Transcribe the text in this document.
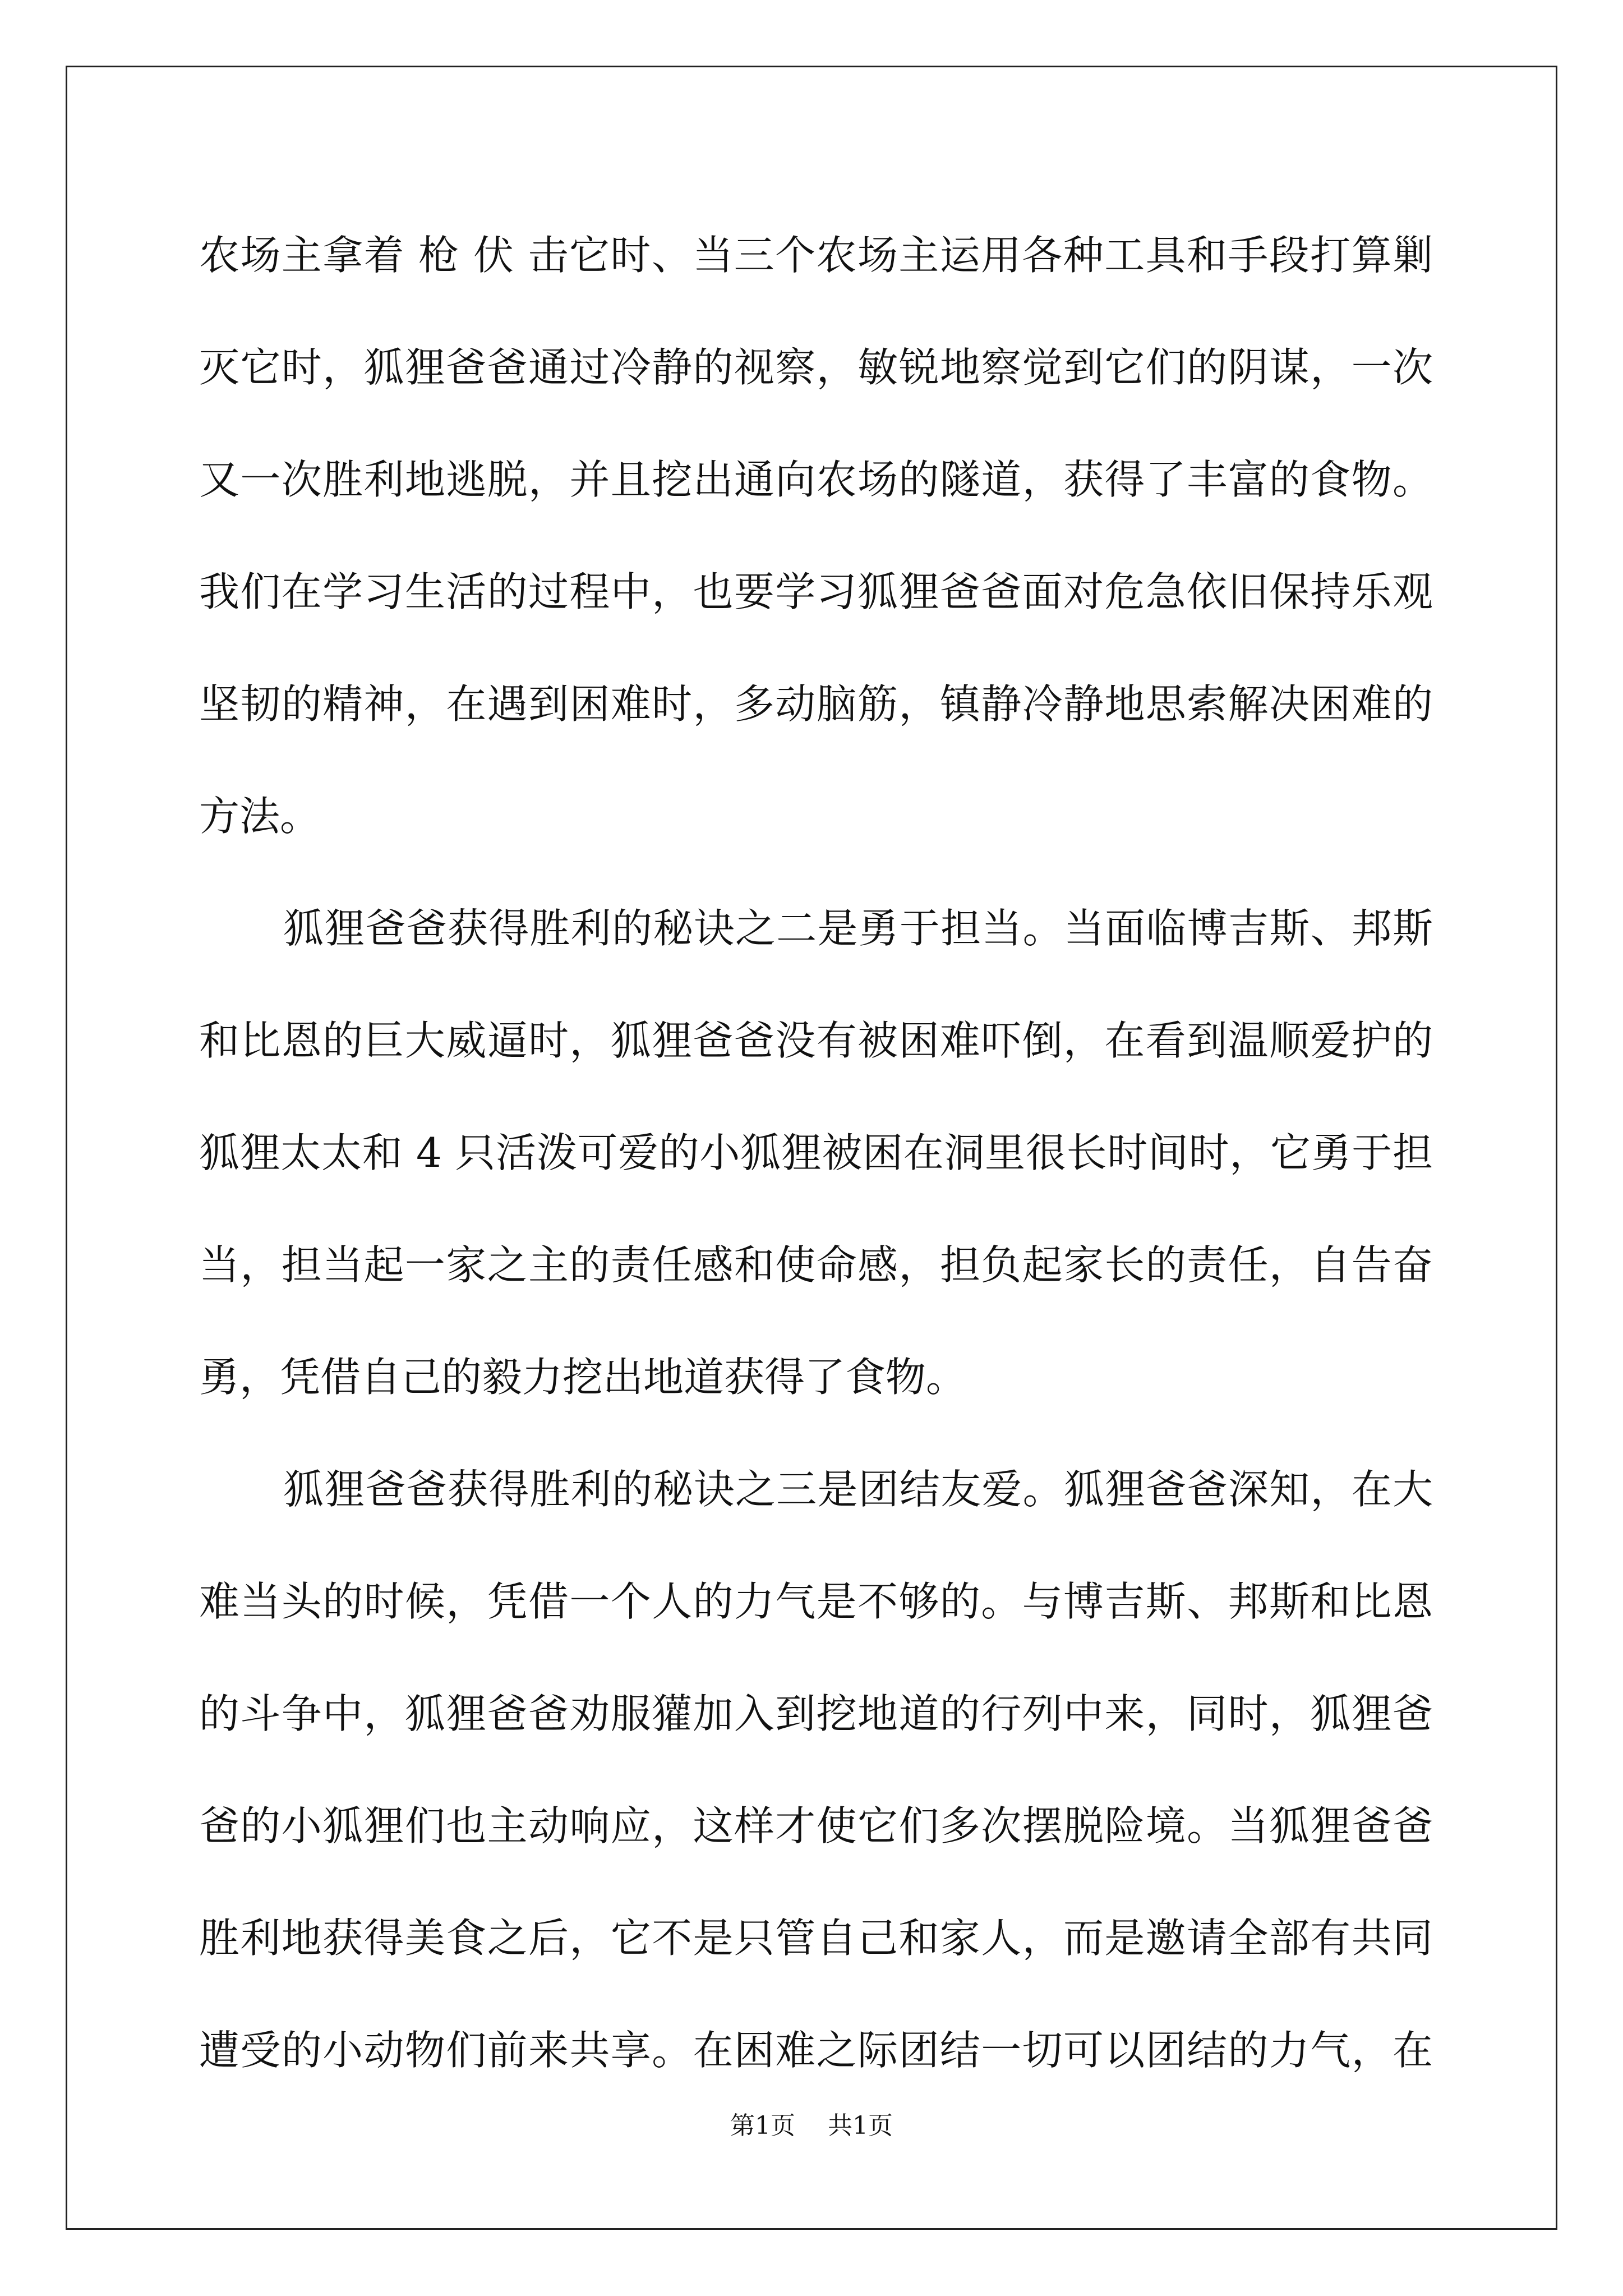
农场主拿着 枪 伏 击它时、当三个农场主运用各种工具和手段打算剿
灭它时，狐狸爸爸通过冷静的视察，敏锐地察觉到它们的阴谋，一次
又一次胜利地逃脱，并且挖出通向农场的隧道，获得了丰富的食物。
我们在学习生活的过程中，也要学习狐狸爸爸面对危急依旧保持乐观
坚韧的精神，在遇到困难时，多动脑筋，镇静冷静地思索解决困难的
方法。
狐狸爸爸获得胜利的秘诀之二是勇于担当。当面临博吉斯、邦斯
和比恩的巨大威逼时，狐狸爸爸没有被困难吓倒，在看到温顺爱护的
狐狸太太和 4 只活泼可爱的小狐狸被困在洞里很长时间时，它勇于担
当，担当起一家之主的责任感和使命感，担负起家长的责任，自告奋
勇，凭借自己的毅力挖出地道获得了食物。
狐狸爸爸获得胜利的秘诀之三是团结友爱。狐狸爸爸深知，在大
难当头的时候，凭借一个人的力气是不够的。与博吉斯、邦斯和比恩
的斗争中，狐狸爸爸劝服獾加入到挖地道的行列中来，同时，狐狸爸
爸的小狐狸们也主动响应，这样才使它们多次摆脱险境。当狐狸爸爸
胜利地获得美食之后，它不是只管自己和家人，而是邀请全部有共同
遭受的小动物们前来共享。在困难之际团结一切可以团结的力气，在
第1页 共1页
